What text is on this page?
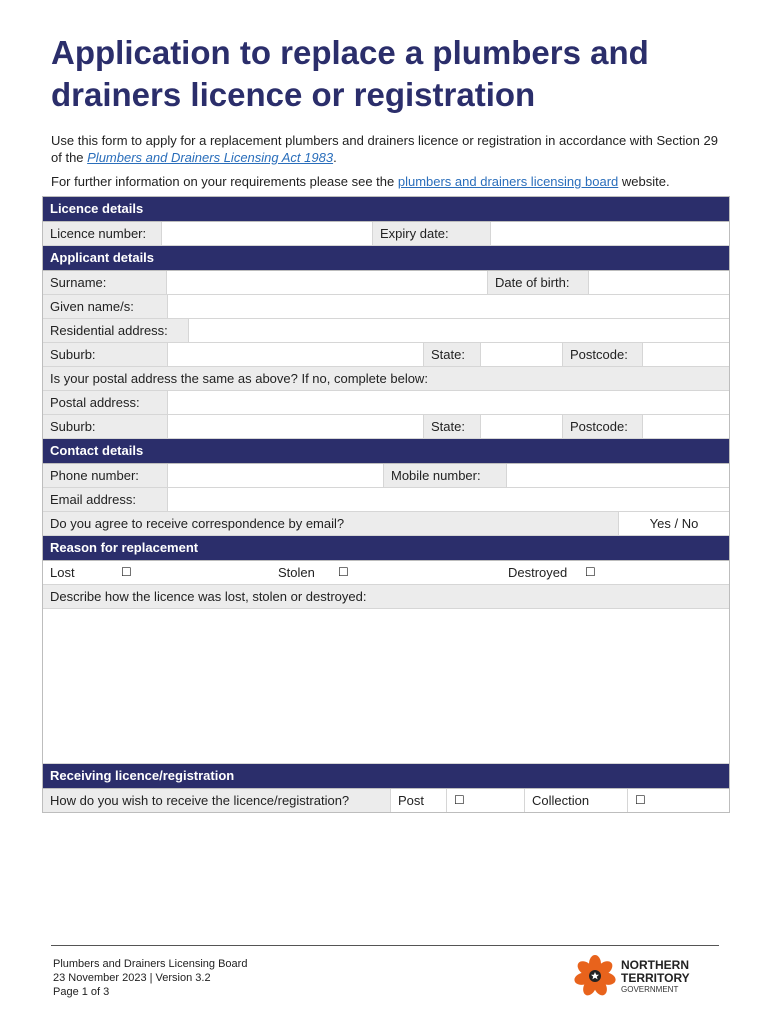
Application to replace a plumbers and drainers licence or registration
Use this form to apply for a replacement plumbers and drainers licence or registration in accordance with Section 29 of the Plumbers and Drainers Licensing Act 1983.
For further information on your requirements please see the plumbers and drainers licensing board website.
Licence details
Licence number:	Expiry date:
Applicant details
Surname:	Date of birth:
Given name/s:
Residential address:
Suburb:	State:	Postcode:
Is your postal address the same as above? If no, complete below:
Postal address:
Suburb:	State:	Postcode:
Contact details
Phone number:	Mobile number:
Email address:
Do you agree to receive correspondence by email?	Yes / No
Reason for replacement
Lost	☐	Stolen	☐	Destroyed	☐
Describe how the licence was lost, stolen or destroyed:
Receiving licence/registration
How do you wish to receive the licence/registration?	Post	☐	Collection	☐
Plumbers and Drainers Licensing Board
23 November 2023 | Version 3.2
Page 1 of 3
NORTHERN
TERRITORY
GOVERNMENT
